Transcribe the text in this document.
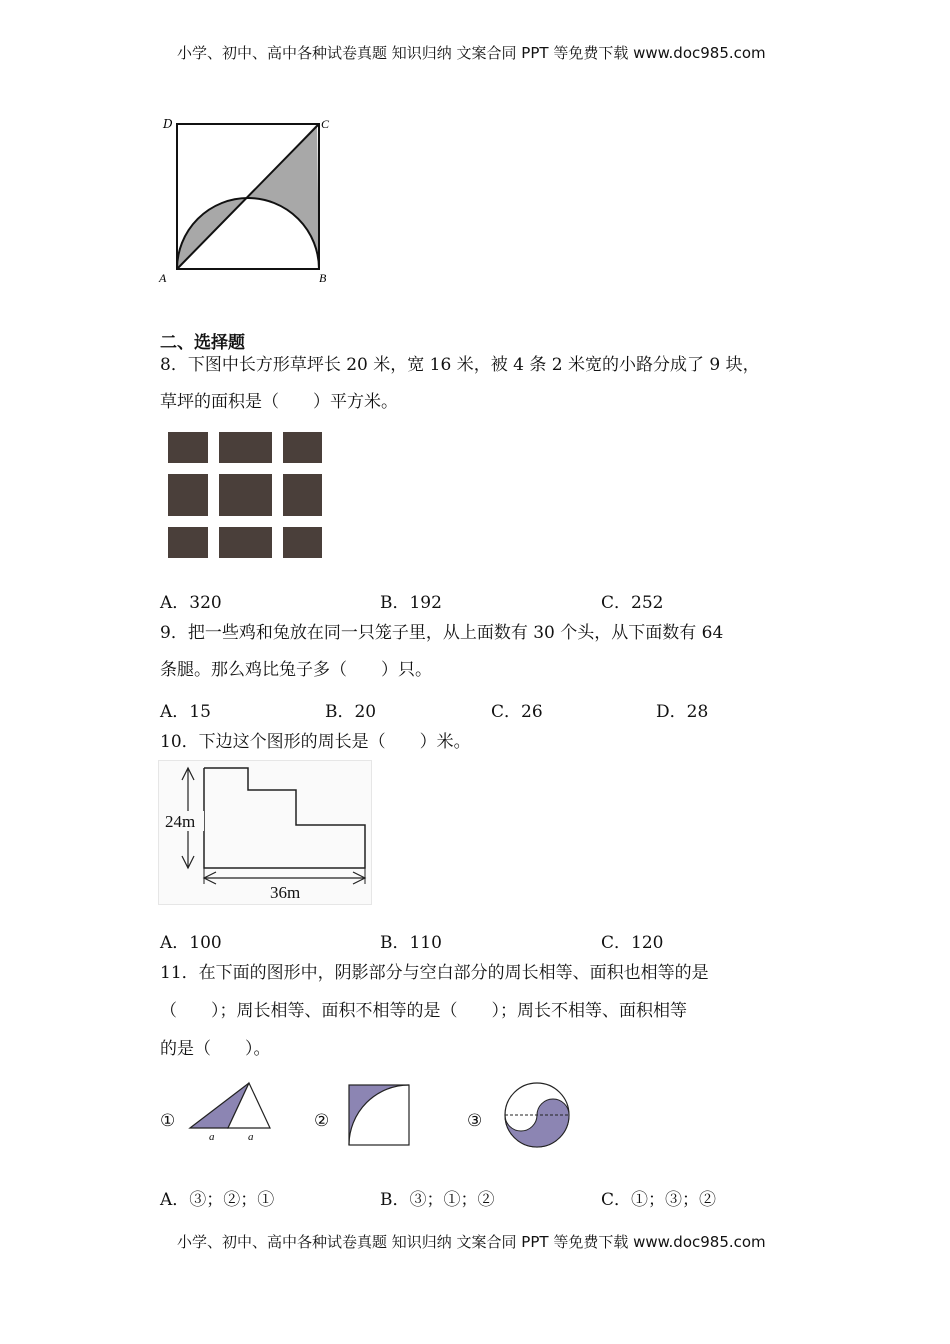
小学、初中、高中各种试卷真题 知识归纳 文案合同 PPT 等免费下载 www.doc985.com
D	C
A	B
二、选择题
8．下图中长方形草坪长 20 米，宽 16 米，被 4 条 2 米宽的小路分成了 9 块，
草坪的面积是（　　）平方米。
A．320	B．192	C．252
9．把一些鸡和兔放在同一只笼子里，从上面数有 30 个头，从下面数有 64
条腿。那么鸡比兔子多（　　）只。
A．15	B．20	C．26	D．28
10．下边这个图形的周长是（　　）米。
24m
36m
A．100	B．110	C．120
11．在下面的图形中，阴影部分与空白部分的周长相等、面积也相等的是
（　　）；周长相等、面积不相等的是（　　）；周长不相等、面积相等
的是（　　）。
①
a	a
②	③
A．③；②；①	B．③；①；②	C．①；③；②
小学、初中、高中各种试卷真题 知识归纳 文案合同 PPT 等免费下载 www.doc985.com
